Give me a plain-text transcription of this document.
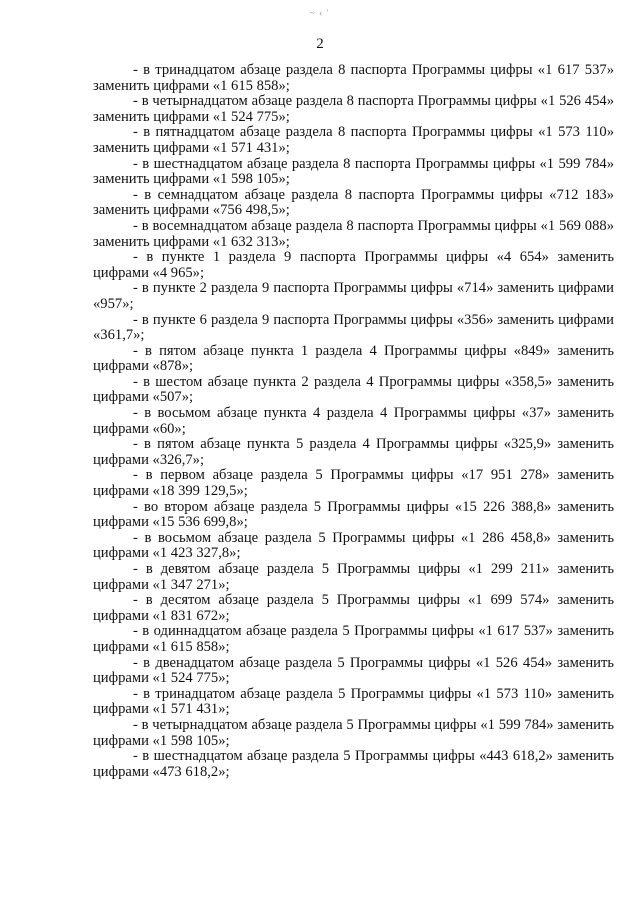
~ ‹ '
2

- в тринадцатом абзаце раздела 8 паспорта Программы цифры «1 617 537» заменить цифрами «1 615 858»;

- в четырнадцатом абзаце раздела 8 паспорта Программы цифры «1 526 454» заменить цифрами «1 524 775»;

- в пятнадцатом абзаце раздела 8 паспорта Программы цифры «1 573 110» заменить цифрами «1 571 431»;

- в шестнадцатом абзаце раздела 8 паспорта Программы цифры «1 599 784» заменить цифрами «1 598 105»;

- в семнадцатом абзаце раздела 8 паспорта Программы цифры «712 183» заменить цифрами «756 498,5»;

- в восемнадцатом абзаце раздела 8 паспорта Программы цифры «1 569 088» заменить цифрами «1 632 313»;

- в пункте 1 раздела 9 паспорта Программы цифры «4 654» заменить цифрами «4 965»;

- в пункте 2 раздела 9 паспорта Программы цифры «714» заменить цифрами «957»;

- в пункте 6 раздела 9 паспорта Программы цифры «356» заменить цифрами «361,7»;

- в пятом абзаце пункта 1 раздела 4 Программы цифры «849» заменить цифрами «878»;

- в шестом абзаце пункта 2 раздела 4 Программы цифры «358,5» заменить цифрами «507»;

- в восьмом абзаце пункта 4 раздела 4 Программы цифры «37» заменить цифрами «60»;

- в пятом абзаце пункта 5 раздела 4 Программы цифры «325,9» заменить цифрами «326,7»;

- в первом абзаце раздела 5 Программы цифры «17 951 278» заменить цифрами «18 399 129,5»;

- во втором абзаце раздела 5 Программы цифры «15 226 388,8» заменить цифрами «15 536 699,8»;

- в восьмом абзаце раздела 5 Программы цифры «1 286 458,8» заменить цифрами «1 423 327,8»;

- в девятом абзаце раздела 5 Программы цифры «1 299 211» заменить цифрами «1 347 271»;

- в десятом абзаце раздела 5 Программы цифры «1 699 574» заменить цифрами «1 831 672»;

- в одиннадцатом абзаце раздела 5 Программы цифры «1 617 537» заменить цифрами «1 615 858»;

- в двенадцатом абзаце раздела 5 Программы цифры «1 526 454» заменить цифрами «1 524 775»;

- в тринадцатом абзаце раздела 5 Программы цифры «1 573 110» заменить цифрами «1 571 431»;

- в четырнадцатом абзаце раздела 5 Программы цифры «1 599 784» заменить цифрами «1 598 105»;

- в шестнадцатом абзаце раздела 5 Программы цифры «443 618,2» заменить цифрами «473 618,2»;
